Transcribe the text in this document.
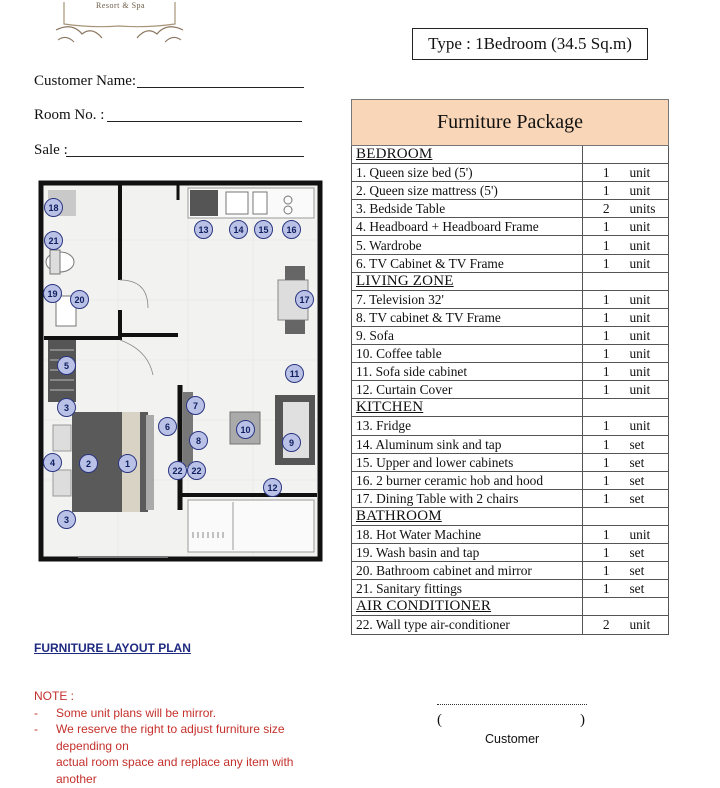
Resort & Spa
Type : 1Bedroom (34.5 Sq.m)
Customer Name:
Room No. :
Sale :
Furniture Package		
BEDROOM		
1. Queen size bed (5')	1	unit
2. Queen size mattress (5')	1	unit
3. Bedside Table	2	units
4. Headboard + Headboard Frame	1	unit
5. Wardrobe	1	unit
6. TV Cabinet & TV Frame	1	unit
LIVING ZONE		
7. Television 32'	1	unit
8. TV cabinet & TV Frame	1	unit
9. Sofa	1	unit
10. Coffee table	1	unit
11. Sofa side cabinet	1	unit
12. Curtain Cover	1	unit
KITCHEN		
13. Fridge	1	unit
14. Aluminum sink and tap	1	set
15. Upper and lower cabinets	1	set
16. 2 burner ceramic hob and hood	1	set
17. Dining Table with 2 chairs	1	set
BATHROOM		
18. Hot Water Machine	1	unit
19. Wash basin and tap	1	set
20. Bathroom cabinet and mirror	1	set
21. Sanitary fittings	1	set
AIR CONDITIONER		
22. Wall type air-conditioner	2	unit
18
21
19
20
13	14	15	16
17
5
3
11
7
6	10
8	9
4	2	1
22 22
12
3
FURNITURE LAYOUT PLAN
NOTE :
-	Some unit plans will be mirror.
-	We reserve the right to adjust furniture size
depending on
actual room space and replace any item with
another
(	)
Customer
